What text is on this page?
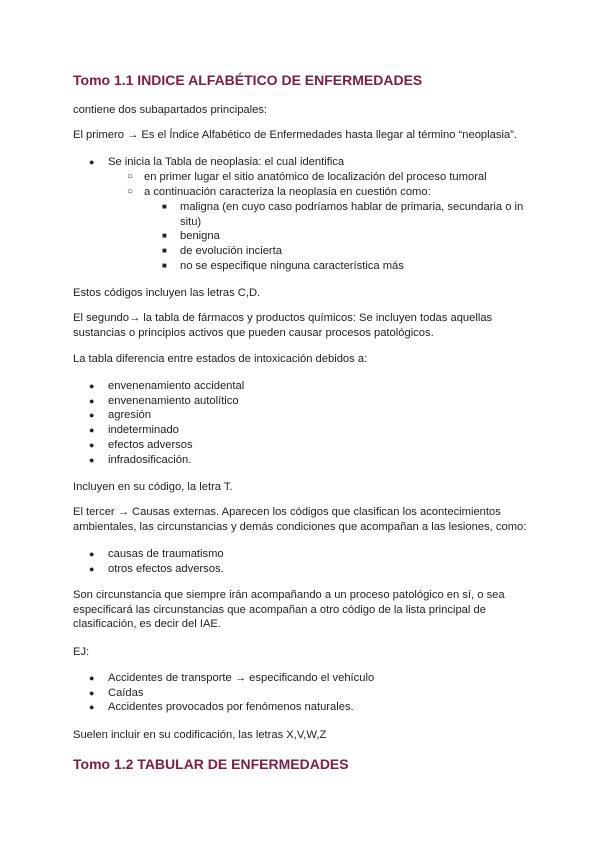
Tomo 1.1 INDICE ALFABÉTICO DE ENFERMEDADES

contiene dos subapartados principales:

El primero → Es el Índice Alfabético de Enfermedades hasta llegar al término “neoplasia”.

● Se inicia la Tabla de neoplasia: el cual identifica
○ en primer lugar el sitio anatómico de localización del proceso tumoral
○ a continuación caracteriza la neoplasia en cuestión como:
■ maligna (en cuyo caso podríamos hablar de primaria, secundaria o in situ)
■ benigna
■ de evolución incierta
■ no se especifique ninguna característica más

Estos códigos incluyen las letras C,D.

El segundo→ la tabla de fármacos y productos químicos: Se incluyen todas aquellas sustancias o principios activos que pueden causar procesos patológicos.

La tabla diferencia entre estados de intoxicación debidos a:

● envenenamiento accidental
● envenenamiento autolítico
● agresión
● indeterminado
● efectos adversos
● infradosificación.

Incluyen en su código, la letra T.

El tercer → Causas externas. Aparecen los códigos que clasifican los acontecimientos ambientales, las circunstancias y demás condiciones que acompañan a las lesiones, como:

● causas de traumatismo
● otros efectos adversos.

Son circunstancia que siempre irán acompañando a un proceso patológico en sí, o sea especificará las circunstancias que acompañan a otro código de la lista principal de clasificación, es decir del IAE.

EJ:

● Accidentes de transporte → especificando el vehículo
● Caídas
● Accidentes provocados por fenómenos naturales.

Suelen incluir en su codificación, las letras X,V,W,Z

Tomo 1.2 TABULAR DE ENFERMEDADES
